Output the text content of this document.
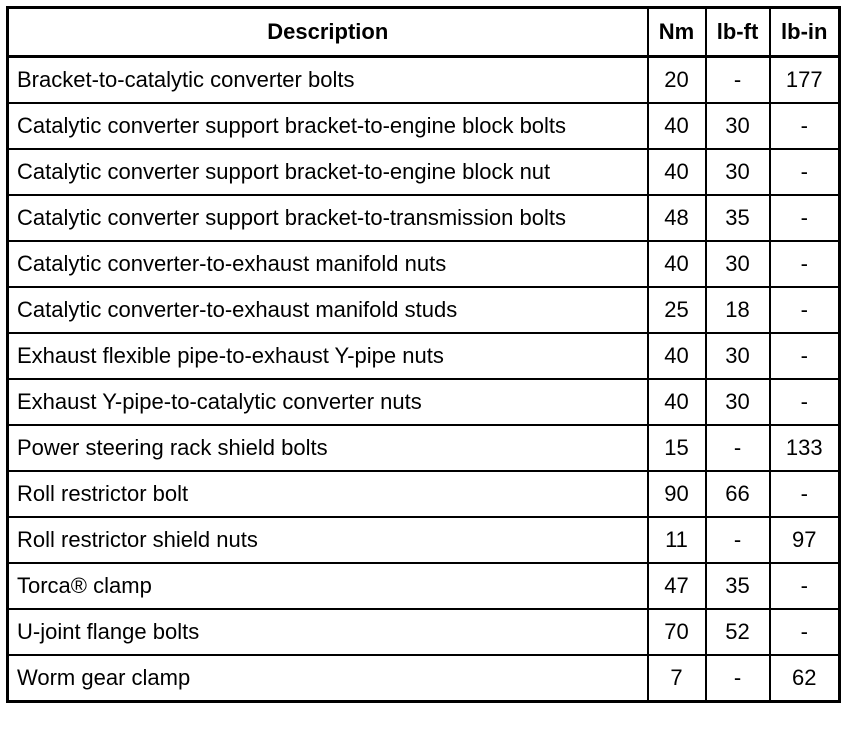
Description	Nm	lb-ft	lb-in
Bracket-to-catalytic converter bolts	20	-	177
Catalytic converter support bracket-to-engine block bolts	40	30	-
Catalytic converter support bracket-to-engine block nut	40	30	-
Catalytic converter support bracket-to-transmission bolts	48	35	-
Catalytic converter-to-exhaust manifold nuts	40	30	-
Catalytic converter-to-exhaust manifold studs	25	18	-
Exhaust flexible pipe-to-exhaust Y-pipe nuts	40	30	-
Exhaust Y-pipe-to-catalytic converter nuts	40	30	-
Power steering rack shield bolts	15	-	133
Roll restrictor bolt	90	66	-
Roll restrictor shield nuts	11	-	97
Torca® clamp	47	35	-
U-joint flange bolts	70	52	-
Worm gear clamp	7	-	62
